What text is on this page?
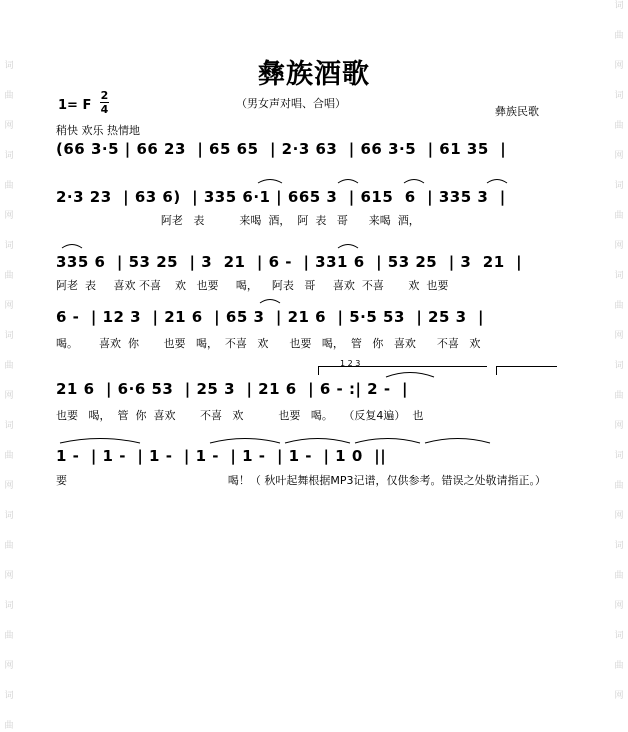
词
曲
网
词
曲
网
词
曲
网
词
曲
网
词
曲
网
词
曲
网
词
曲
网
词
曲
词
曲
网
词
曲
网
词
曲
网
词
曲
网
词
曲
网
词
曲
网
词
曲
网
词
曲
网
彝族酒歌
（男女声对唱、合唱）
1= F
2
4	彝族民歌
稍快 欢乐 热情地
(66 3·5 | 66 23  | 65 65  | 2·3 63  | 66 3·5  | 61 35  |
2·3 23  | 63 6)  | 335 6·1 | 665 3  | 615  6  | 335 3  |
阿老   表          来喝  酒，  阿  表   哥      来喝  酒，
335 6  | 53 25  | 3  21  | 6 -  | 331 6  | 53 25  | 3  21  |
阿老  表     喜欢 不喜    欢   也要     喝，    阿表   哥     喜欢  不喜       欢  也要
6 -  | 12 3  | 21 6  | 65 3  | 21 6  | 5·5 53  | 25 3  |
喝。      喜欢  你       也要   喝，  不喜   欢      也要   喝，  管   你   喜欢      不喜   欢
1 2 3
21 6  | 6·6 53  | 25 3  | 21 6  | 6 - :| 2 -  |
也要   喝，  管  你  喜欢       不喜   欢          也要   喝。   （反复4遍）  也
1 -  | 1 -  | 1 -  | 1 -  | 1 -  | 1 -  | 1 0  ||
要                                              喝！（ 秋叶起舞根据MP3记谱，仅供参考。错误之处敬请指正。）
